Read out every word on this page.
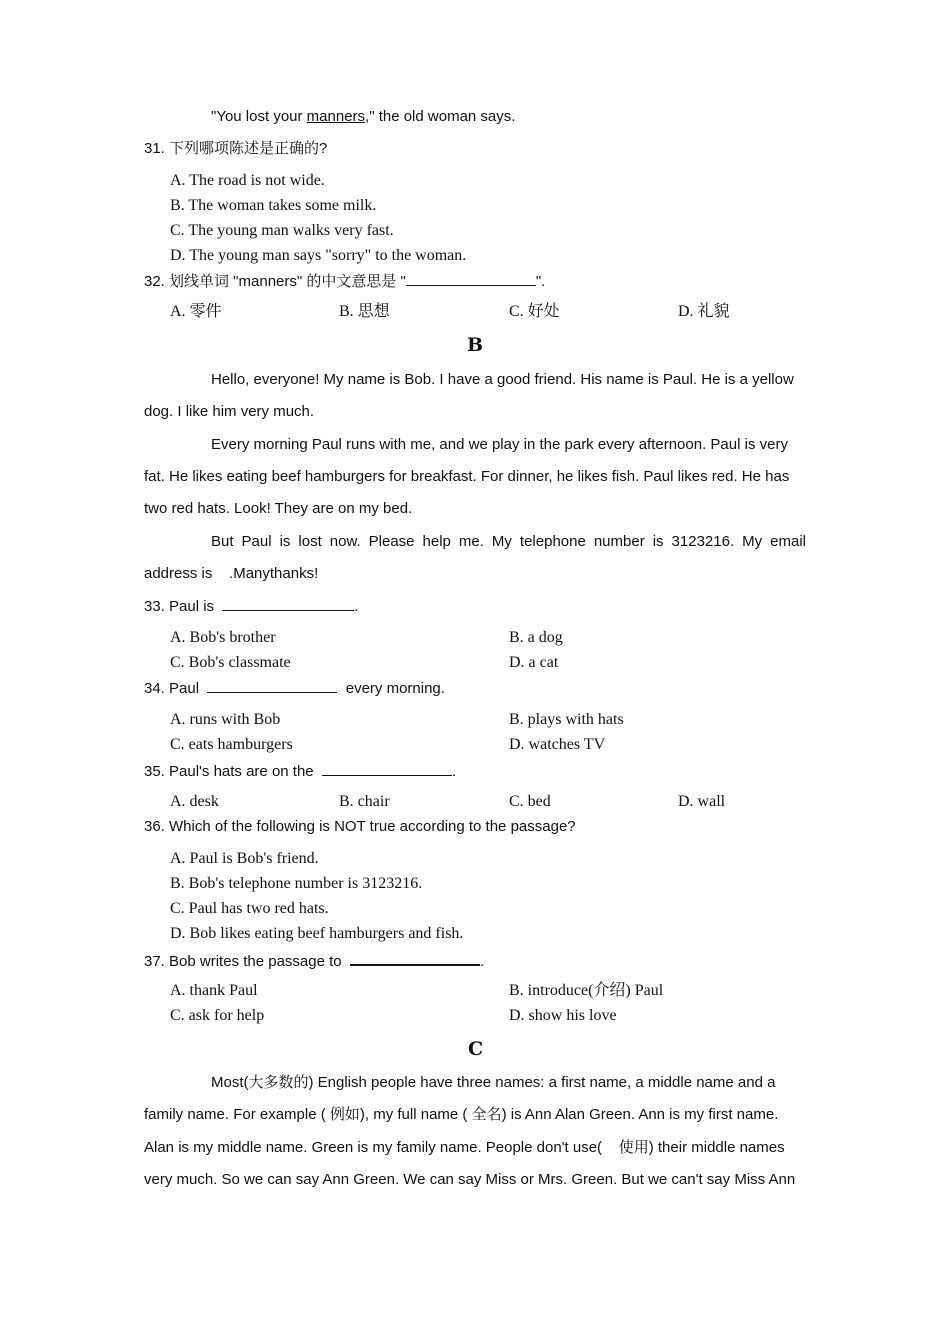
"You lost your manners," the old woman says.
31. 下列哪项陈述是正确的?
A. The road is not wide.
B. The woman takes some milk.
C. The young man walks very fast.
D. The young man says "sorry" to the woman.
32. 划线单词 "manners" 的中文意思是 "	".
A. 零件	B. 思想	C. 好处	D. 礼貌
B
Hello, everyone! My name is Bob. I have a good friend. His name is Paul. He is a yellow
dog. I like him very much.
Every morning Paul runs with me, and we play in the park every afternoon. Paul is very
fat. He likes eating beef hamburgers for breakfast. For dinner, he likes fish. Paul likes red. He has
two red hats. Look! They are on my bed.
But Paul is lost now. Please help me. My telephone number is 3123216. My email
address is    .Manythanks!
33. Paul is	.
A. Bob's brother	B. a dog
C. Bob's classmate	D. a cat
34. Paul	every morning.
A. runs with Bob	B. plays with hats
C. eats hamburgers	D. watches TV
35. Paul's hats are on the	.
A. desk	B. chair	C. bed	D. wall
36. Which of the following is NOT true according to the passage?
A. Paul is Bob's friend.
B. Bob's telephone number is 3123216.
C. Paul has two red hats.
D. Bob likes eating beef hamburgers and fish.
37. Bob writes the passage to	.
A. thank Paul	B. introduce(介绍) Paul
C. ask for help	D. show his love
C
Most(大多数的) English people have three names: a first name, a middle name and a
family name. For example ( 例如), my full name ( 全名) is Ann Alan Green. Ann is my first name.
Alan is my middle name. Green is my family name. People don't use(    使用) their middle names
very much. So we can say Ann Green. We can say Miss or Mrs. Green. But we can't say Miss Ann
